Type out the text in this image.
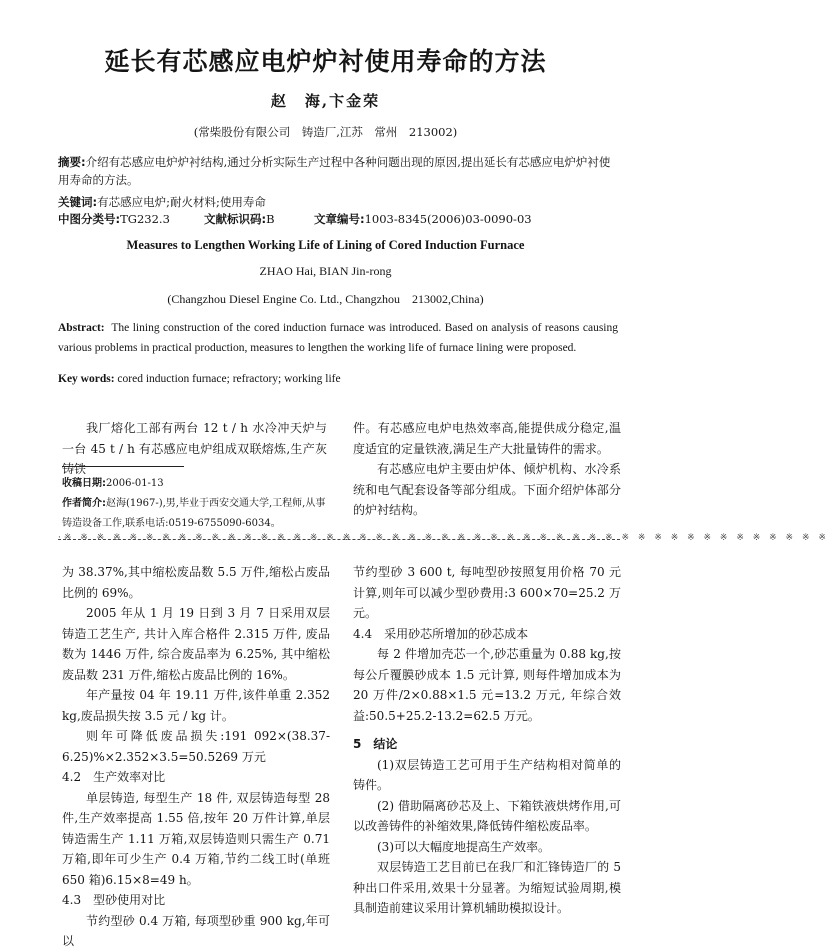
延长有芯感应电炉炉衬使用寿命的方法
赵　海,卞金荣
(常柴股份有限公司　铸造厂,江苏　常州　213002)
摘要:介绍有芯感应电炉炉衬结构,通过分析实际生产过程中各种问题出现的原因,提出延长有芯感应电炉炉衬使用寿命的方法。
关键词:有芯感应电炉;耐火材料;使用寿命
中图分类号:TG232.3	文献标识码:B	文章编号:1003-8345(2006)03-0090-03
Measures to Lengthen Working Life of Lining of Cored Induction Furnace
ZHAO Hai, BIAN Jin-rong
(Changzhou Diesel Engine Co. Ltd., Changzhou　213002,China)
Abstract: The lining construction of the cored induction furnace was introduced. Based on analysis of reasons causing various problems in practical production, measures to lengthen the working life of furnace lining were proposed.
Key words: cored induction furnace; refractory; working life

我厂熔化工部有两台 12 t / h 水冷冲天炉与一台 45 t / h 有芯感应电炉组成双联熔炼,生产灰铸铁

收稿日期:2006-01-13
作者简介:赵海(1967-),男,毕业于西安交通大学,工程师,从事铸造设备工作,联系电话:0519-6755090-6034。

件。有芯感应电炉电热效率高,能提供成分稳定,温度适宜的定量铁液,满足生产大批量铸件的需求。

有芯感应电炉主要由炉体、倾炉机构、水冷系统和电气配套设备等部分组成。下面介绍炉体部分的炉衬结构。

·※ ※ ※ ※ ※ ※ ※ ※ ※ ※ ※ ※ ※ ※ ※ ※ ※ ※ ※ ※ ※ ※ ※ ※ ※ ※ ※ ※ ※ ※ ※ ※ ※ ※ ※ ※ ※ ※ ※ ※ ※ ※ ※ ※ ※ ※ ※

为 38.37%,其中缩松废品数 5.5 万件,缩松占废品比例的 69%。

2005 年从 1 月 19 日到 3 月 7 日采用双层铸造工艺生产, 共计入库合格件 2.315 万件, 废品数为 1446 万件, 综合废品率为 6.25%, 其中缩松废品数 231 万件,缩松占废品比例的 16%。

年产量按 04 年 19.11 万件,该件单重 2.352 kg,废品损失按 3.5 元 / kg 计。

则年可降低废品损失:191 092×(38.37-6.25)%×2.352×3.5=50.5269 万元

4.2　生产效率对比

单层铸造, 每型生产 18 件, 双层铸造每型 28 件,生产效率提高 1.55 倍,按年 20 万件计算,单层铸造需生产 1.11 万箱,双层铸造则只需生产 0.71 万箱,即年可少生产 0.4 万箱,节约二线工时(单班 650 箱)6.15×8=49 h。

4.3　型砂使用对比

节约型砂 0.4 万箱, 每项型砂重 900 kg,年可以

节约型砂 3 600 t, 每吨型砂按照复用价格 70 元计算,则年可以减少型砂费用:3 600×70=25.2 万元。

4.4　采用砂芯所增加的砂芯成本

每 2 件增加壳芯一个,砂芯重量为 0.88 kg,按每公斤覆膜砂成本 1.5 元计算, 则每件增加成本为20 万件/2×0.88×1.5 元=13.2 万元, 年综合效益:50.5+25.2-13.2=62.5 万元。

5　结论

(1)双层铸造工艺可用于生产结构相对简单的铸件。

(2) 借助隔离砂芯及上、下箱铁液烘烤作用,可以改善铸件的补缩效果,降低铸件缩松废品率。

(3)可以大幅度地提高生产效率。

双层铸造工艺目前已在我厂和汇锋铸造厂的 5 种出口件采用,效果十分显著。为缩短试验周期,模具制造前建议采用计算机辅助模拟设计。
